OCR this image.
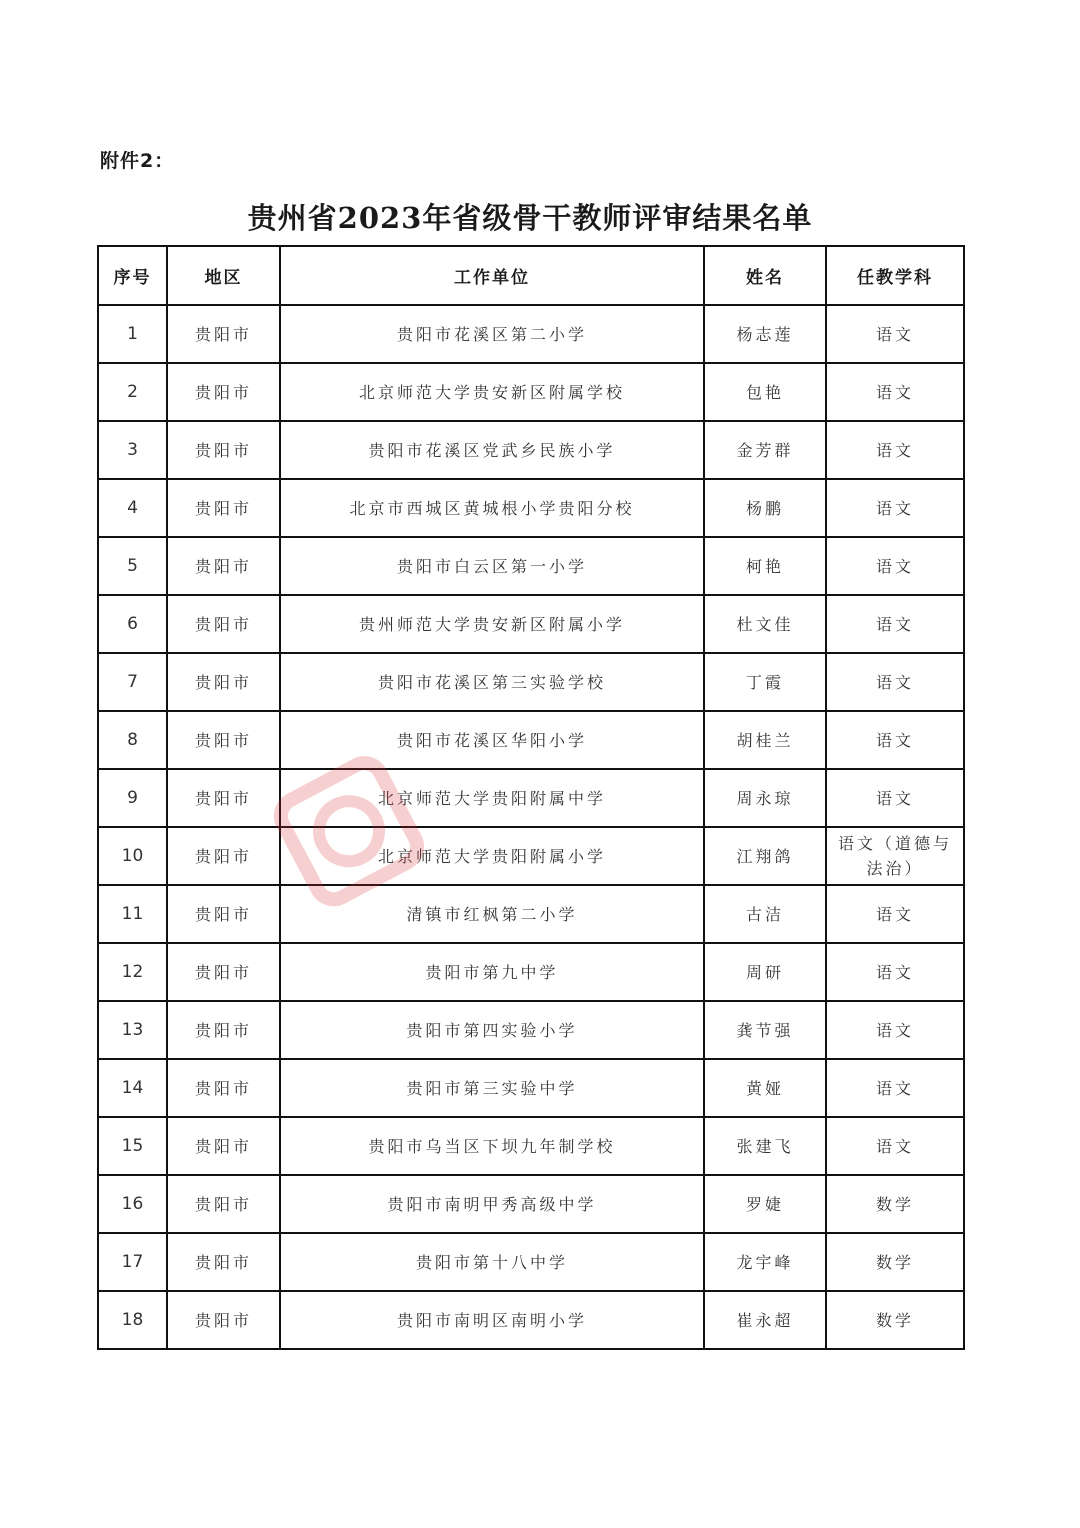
附件2：
贵州省2023年省级骨干教师评审结果名单
序号	地区	工作单位	姓名	任教学科
1	贵阳市	贵阳市花溪区第二小学	杨志莲	语文
2	贵阳市	北京师范大学贵安新区附属学校	包艳	语文
3	贵阳市	贵阳市花溪区党武乡民族小学	金芳群	语文
4	贵阳市	北京市西城区黄城根小学贵阳分校	杨鹏	语文
5	贵阳市	贵阳市白云区第一小学	柯艳	语文
6	贵阳市	贵州师范大学贵安新区附属小学	杜文佳	语文
7	贵阳市	贵阳市花溪区第三实验学校	丁霞	语文
8	贵阳市	贵阳市花溪区华阳小学	胡桂兰	语文
9	贵阳市	北京师范大学贵阳附属中学	周永琼	语文
10	贵阳市	北京师范大学贵阳附属小学	江翔鸽	语文（道德与法治）
11	贵阳市	清镇市红枫第二小学	古洁	语文
12	贵阳市	贵阳市第九中学	周研	语文
13	贵阳市	贵阳市第四实验小学	龚节强	语文
14	贵阳市	贵阳市第三实验中学	黄娅	语文
15	贵阳市	贵阳市乌当区下坝九年制学校	张建飞	语文
16	贵阳市	贵阳市南明甲秀高级中学	罗婕	数学
17	贵阳市	贵阳市第十八中学	龙宇峰	数学
18	贵阳市	贵阳市南明区南明小学	崔永超	数学
